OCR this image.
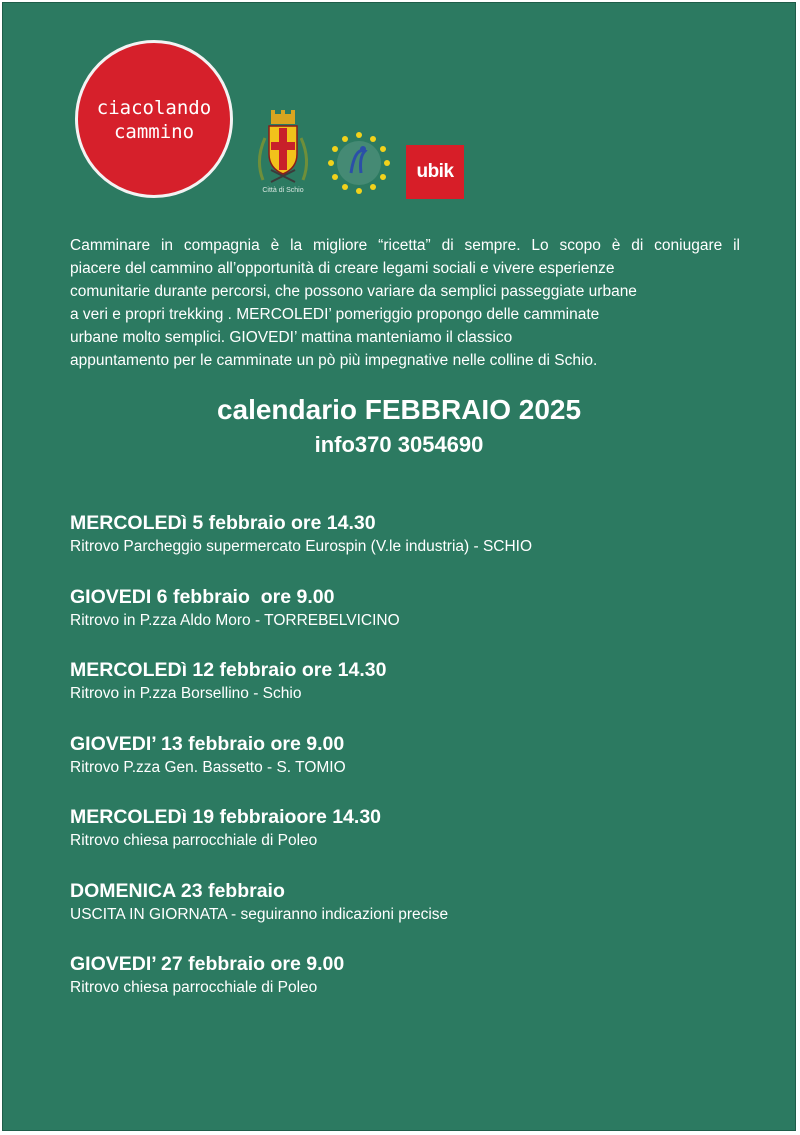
ciacolando
cammino
Città di Schio
ubik
Camminare in compagnia è la migliore “ricetta” di sempre. Lo scopo è di coniugare il
piacere del cammino all’opportunità di creare legami sociali e vivere esperienze
comunitarie durante percorsi, che possono variare da semplici passeggiate urbane
a veri e propri trekking . MERCOLEDI’ pomeriggio propongo delle camminate
urbane molto semplici. GIOVEDI’ mattina manteniamo il classico
appuntamento per le camminate un pò più impegnative nelle colline di Schio.
calendario FEBBRAIO 2025
info370 3054690
MERCOLEDì 5 febbraio ore 14.30
Ritrovo Parcheggio supermercato Eurospin (V.le industria) - SCHIO
GIOVEDI 6 febbraio  ore 9.00
Ritrovo in P.zza Aldo Moro - TORREBELVICINO
MERCOLEDì 12 febbraio ore 14.30
Ritrovo in P.zza Borsellino - Schio
GIOVEDI’ 13 febbraio ore 9.00
Ritrovo P.zza Gen. Bassetto - S. TOMIO
MERCOLEDì 19 febbraioore 14.30
Ritrovo chiesa parrocchiale di Poleo
DOMENICA 23 febbraio
USCITA IN GIORNATA - seguiranno indicazioni precise
GIOVEDI’ 27 febbraio ore 9.00
Ritrovo chiesa parrocchiale di Poleo
